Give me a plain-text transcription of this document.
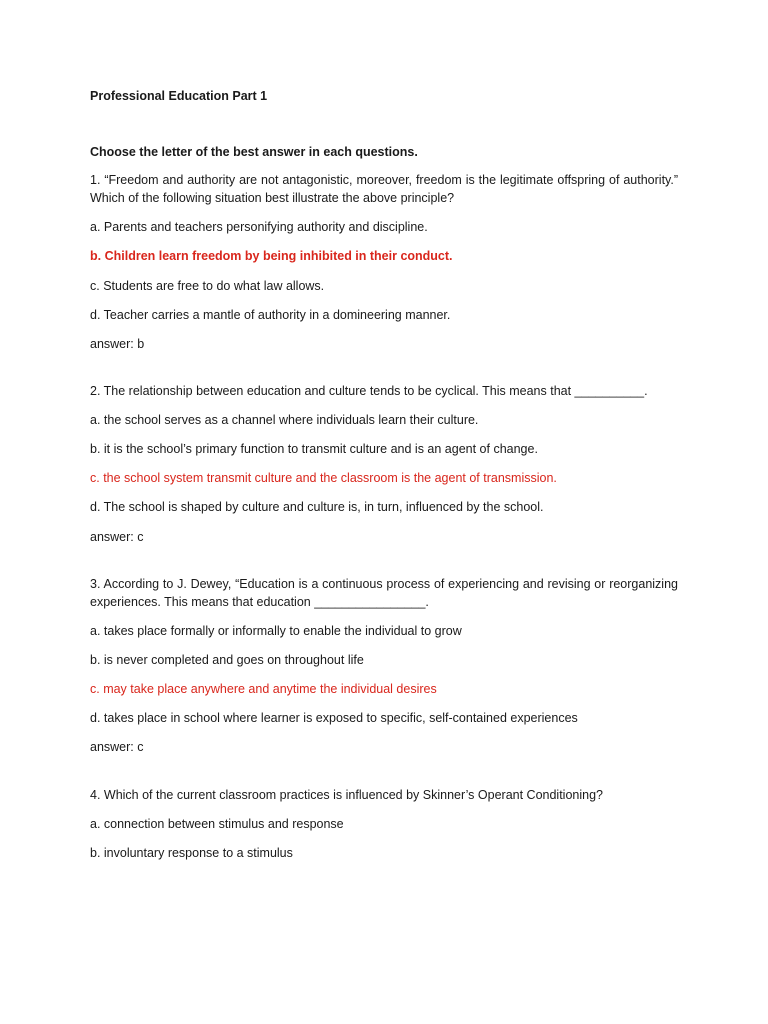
Professional Education Part 1
Choose the letter of the best answer in each questions.
1. “Freedom and authority are not antagonistic, moreover, freedom is the legitimate offspring of authority.” Which of the following situation best illustrate the above principle?
a. Parents and teachers personifying authority and discipline.
b. Children learn freedom by being inhibited in their conduct.
c. Students are free to do what law allows.
d. Teacher carries a mantle of authority in a domineering manner.
answer: b
2. The relationship between education and culture tends to be cyclical. This means that __________.
a. the school serves as a channel where individuals learn their culture.
b. it is the school’s primary function to transmit culture and is an agent of change.
c. the school system transmit culture and the classroom is the agent of transmission.
d. The school is shaped by culture and culture is, in turn, influenced by the school.
answer: c
3. According to J. Dewey, “Education is a continuous process of experiencing and revising or reorganizing experiences. This means that education ________________.
a. takes place formally or informally to enable the individual to grow
b. is never completed and goes on throughout life
c. may take place anywhere and anytime the individual desires
d. takes place in school where learner is exposed to specific, self-contained experiences
answer: c
4. Which of the current classroom practices is influenced by Skinner’s Operant Conditioning?
a. connection between stimulus and response
b. involuntary response to a stimulus
